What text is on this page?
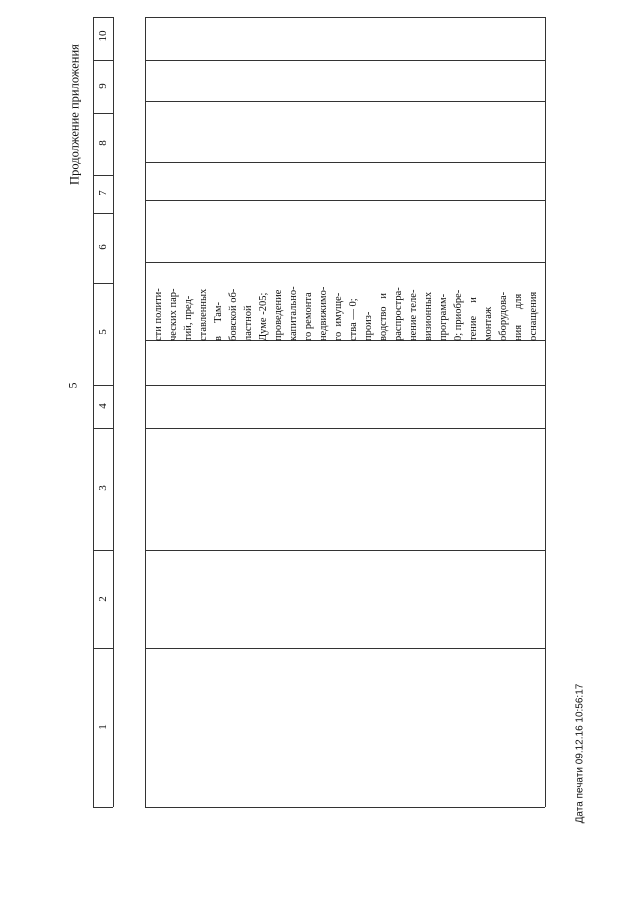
5
Продолжение приложения
Дата печати 09.12.16 10:56:17
10
9
8
7
6
5
4
3
2
1
сти полити- ческих пар- тий, пред- ставленных в     Там- бовской об- ластной Думе -205; проведение капитально- го ремонта недвижимо- го  имуще- ства — 0; произ- водство   и распростра- нение теле- визионных программ- 0; приобре- тение     и монтаж оборудова- ния      для оснащения
